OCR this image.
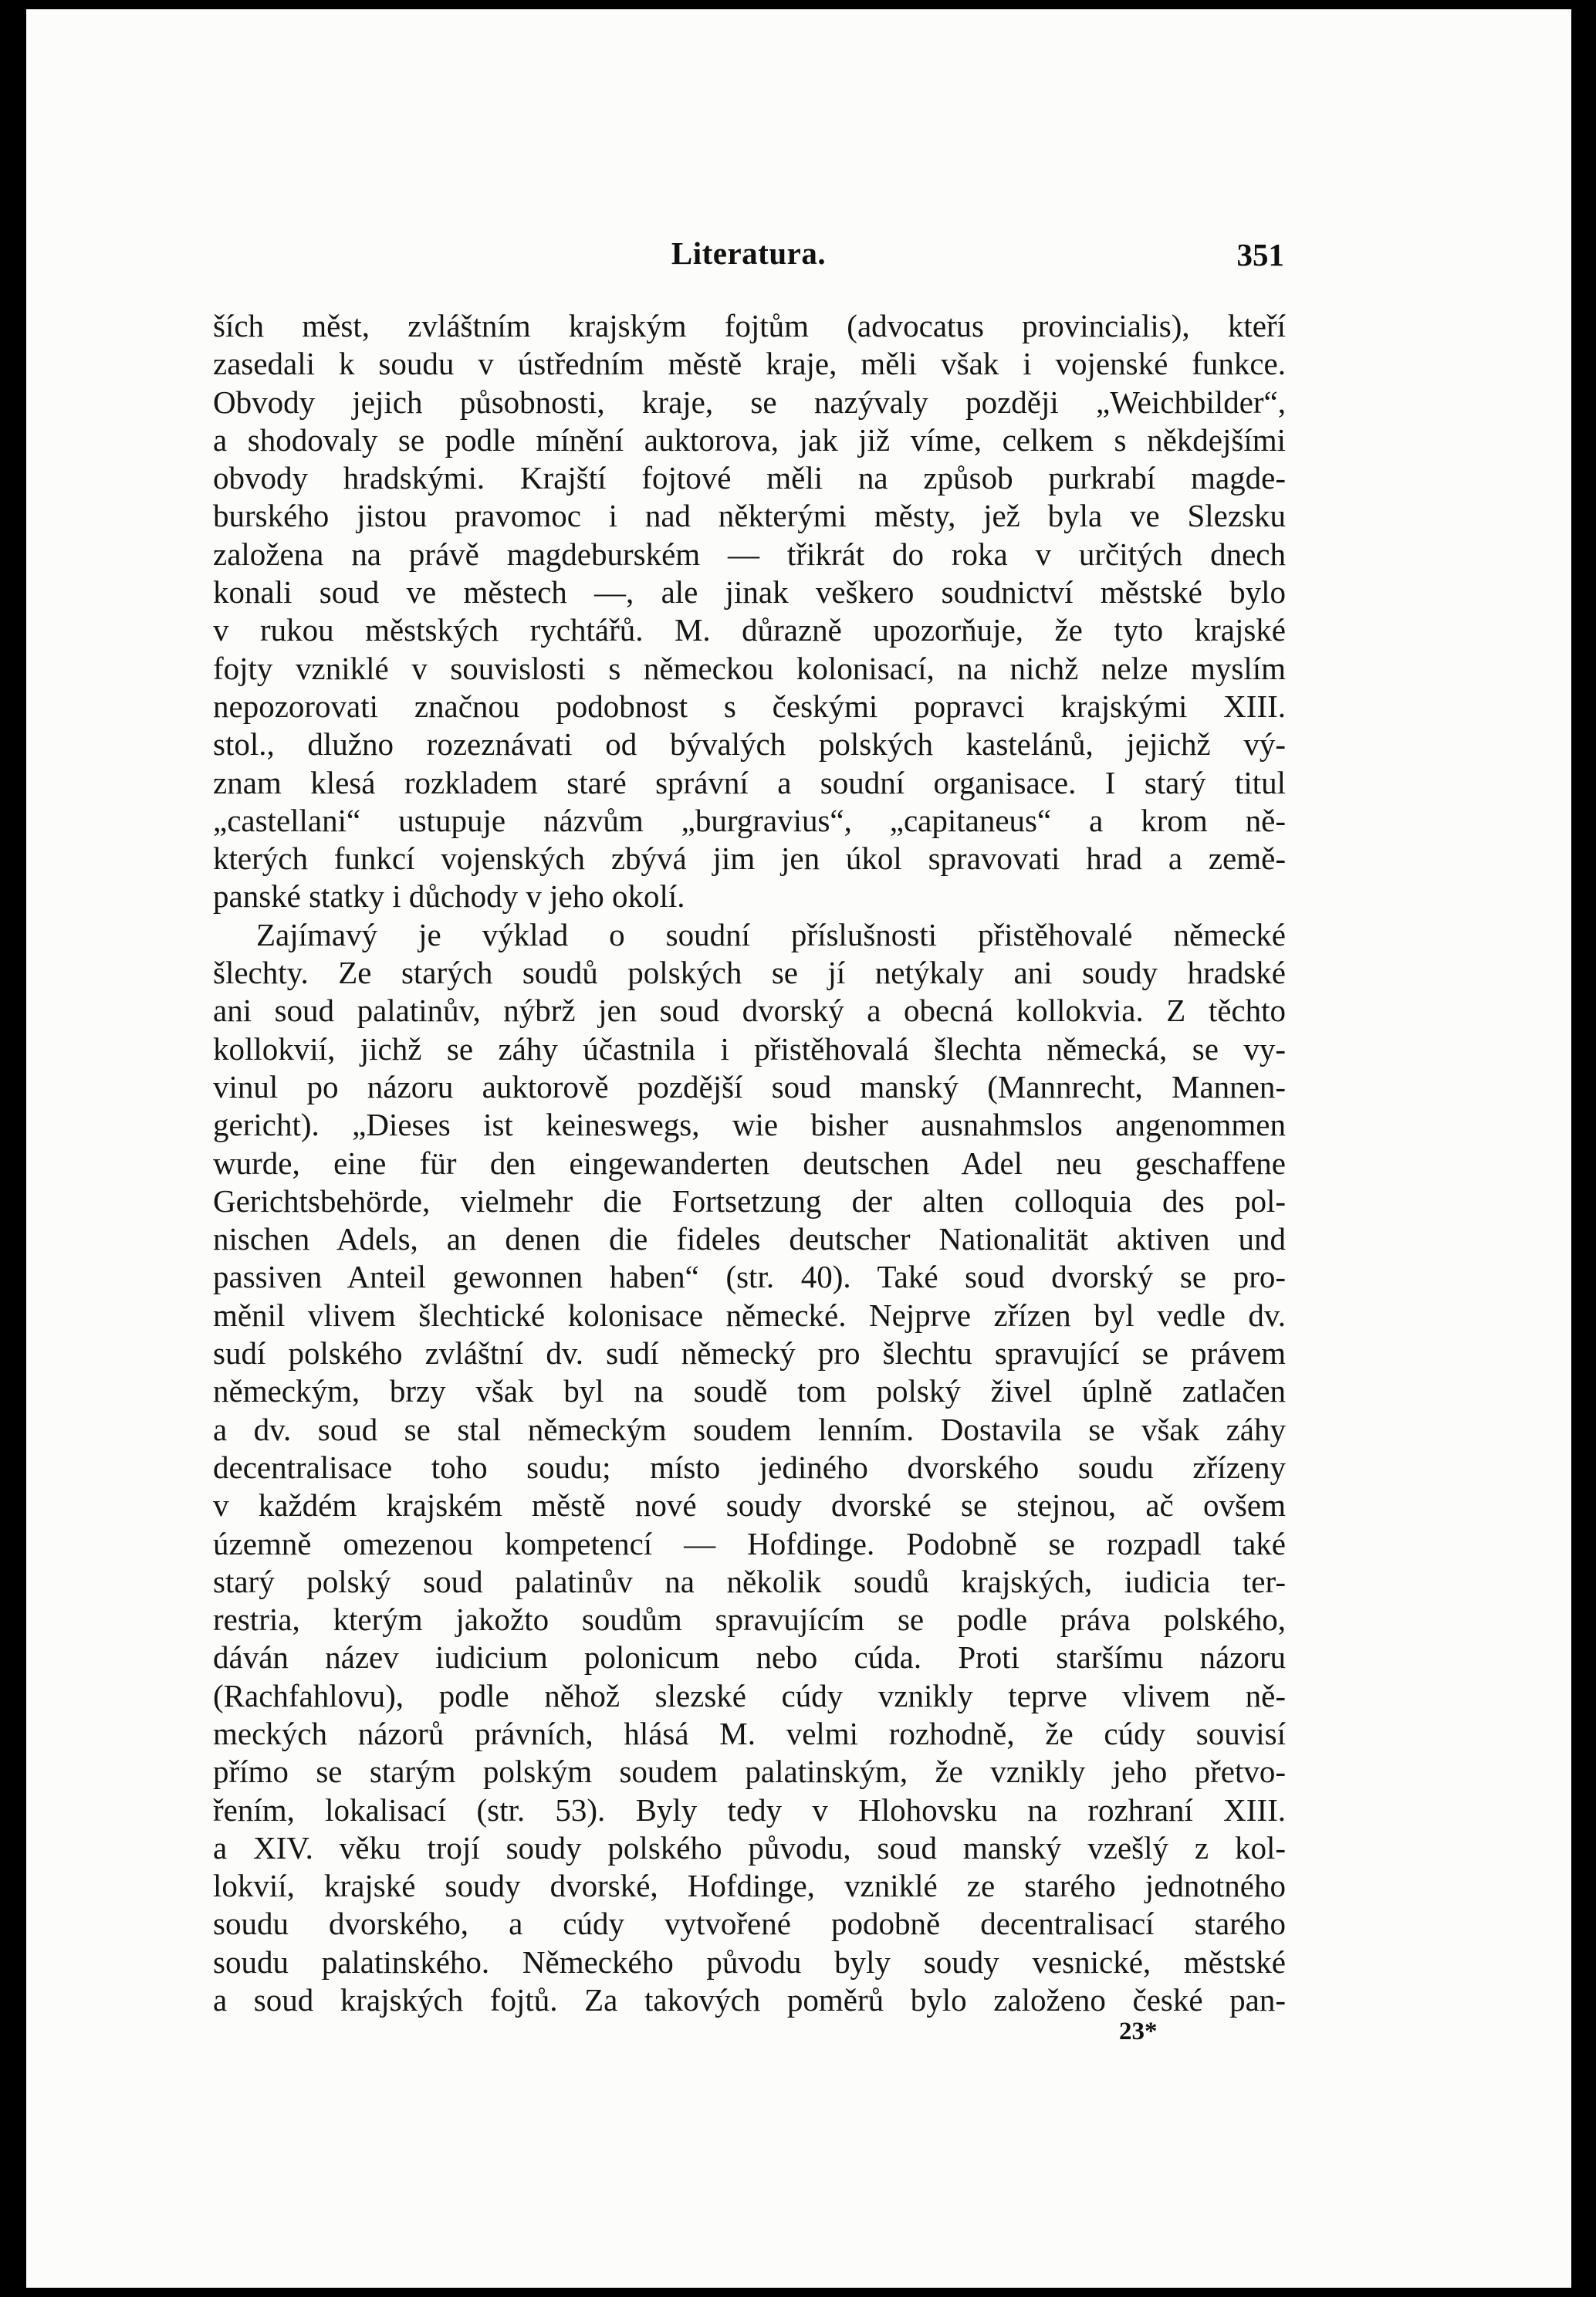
Literatura.	351
ších měst, zvláštním krajským fojtům (advocatus provincialis), kteří
zasedali k soudu v ústředním městě kraje, měli však i vojenské funkce.
Obvody jejich působnosti, kraje, se nazývaly později „Weichbilder“,
a shodovaly se podle mínění auktorova, jak již víme, celkem s někdejšími
obvody hradskými. Krajští fojtové měli na způsob purkrabí magde-
burského jistou pravomoc i nad některými městy, jež byla ve Slezsku
založena na právě magdeburském — třikrát do roka v určitých dnech
konali soud ve městech —, ale jinak veškero soudnictví městské bylo
v rukou městských rychtářů. M. důrazně upozorňuje, že tyto krajské
fojty vzniklé v souvislosti s německou kolonisací, na nichž nelze myslím
nepozorovati značnou podobnost s českými popravci krajskými XIII.
stol., dlužno rozeznávati od bývalých polských kastelánů, jejichž vý-
znam klesá rozkladem staré správní a soudní organisace. I starý titul
„castellani“ ustupuje názvům „burgravius“, „capitaneus“ a krom ně-
kterých funkcí vojenských zbývá jim jen úkol spravovati hrad a země-
panské statky i důchody v jeho okolí.
Zajímavý je výklad o soudní příslušnosti přistěhovalé německé
šlechty. Ze starých soudů polských se jí netýkaly ani soudy hradské
ani soud palatinův, nýbrž jen soud dvorský a obecná kollokvia. Z těchto
kollokvií, jichž se záhy účastnila i přistěhovalá šlechta německá, se vy-
vinul po názoru auktorově pozdější soud manský (Mannrecht, Mannen-
gericht). „Dieses ist keineswegs, wie bisher ausnahmslos angenommen
wurde, eine für den eingewanderten deutschen Adel neu geschaffene
Gerichtsbehörde, vielmehr die Fortsetzung der alten colloquia des pol-
nischen Adels, an denen die fideles deutscher Nationalität aktiven und
passiven Anteil gewonnen haben“ (str. 40). Také soud dvorský se pro-
měnil vlivem šlechtické kolonisace německé. Nejprve zřízen byl vedle dv.
sudí polského zvláštní dv. sudí německý pro šlechtu spravující se právem
německým, brzy však byl na soudě tom polský živel úplně zatlačen
a dv. soud se stal německým soudem lenním. Dostavila se však záhy
decentralisace toho soudu; místo jediného dvorského soudu zřízeny
v každém krajském městě nové soudy dvorské se stejnou, ač ovšem
územně omezenou kompetencí — Hofdinge. Podobně se rozpadl také
starý polský soud palatinův na několik soudů krajských, iudicia ter-
restria, kterým jakožto soudům spravujícím se podle práva polského,
dáván název iudicium polonicum nebo cúda. Proti staršímu názoru
(Rachfahlovu), podle něhož slezské cúdy vznikly teprve vlivem ně-
meckých názorů právních, hlásá M. velmi rozhodně, že cúdy souvisí
přímo se starým polským soudem palatinským, že vznikly jeho přetvo-
řením, lokalisací (str. 53). Byly tedy v Hlohovsku na rozhraní XIII.
a XIV. věku trojí soudy polského původu, soud manský vzešlý z kol-
lokvií, krajské soudy dvorské, Hofdinge, vzniklé ze starého jednotného
soudu dvorského, a cúdy vytvořené podobně decentralisací starého
soudu palatinského. Německého původu byly soudy vesnické, městské
a soud krajských fojtů. Za takových poměrů bylo založeno české pan-
23*
